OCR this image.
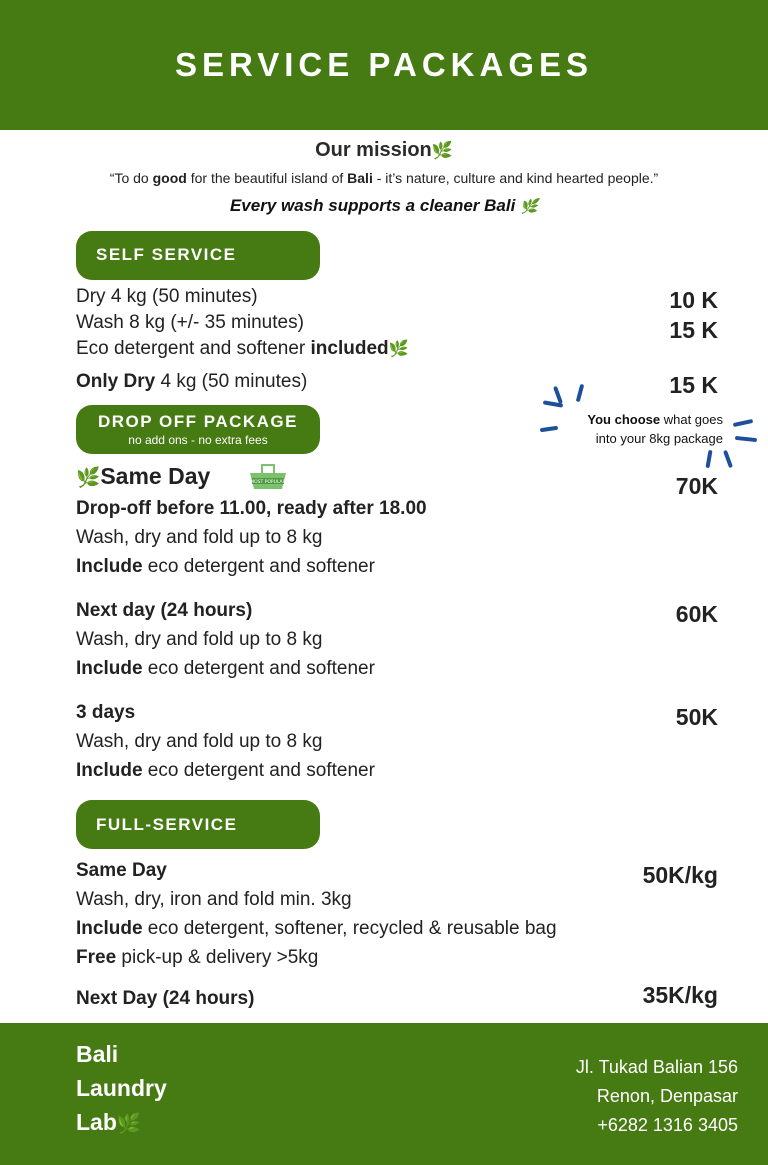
SERVICE PACKAGES
Our mission🌿
“To do good for the beautiful island of Bali - it’s nature, culture and kind hearted people.”
Every wash supports a cleaner Bali 🌿
SELF SERVICE
Dry 4 kg (50 minutes)	10 K
Wash 8 kg (+/- 35 minutes)	15 K
Eco detergent and softener included🌿
Only Dry 4 kg (50 minutes)	15 K
You choose what goes
into your 8kg package
DROP OFF PACKAGE
no add ons - no extra fees
🌿Same Day	MOST POPULAR	70K
Drop-off before 11.00, ready after 18.00
Wash, dry and fold up to 8 kg
Include eco detergent and softener
Next day (24 hours)	60K
Wash, dry and fold up to 8 kg
Include eco detergent and softener
3 days	50K
Wash, dry and fold up to 8 kg
Include eco detergent and softener
FULL-SERVICE
Same Day	50K/kg
Wash, dry, iron and fold min. 3kg
Include eco detergent, softener, recycled & reusable bag
Free pick-up & delivery >5kg
Next Day (24 hours)	35K/kg
Bali
Laundry
Lab🌿
Jl. Tukad Balian 156
Renon, Denpasar
+6282 1316 3405
